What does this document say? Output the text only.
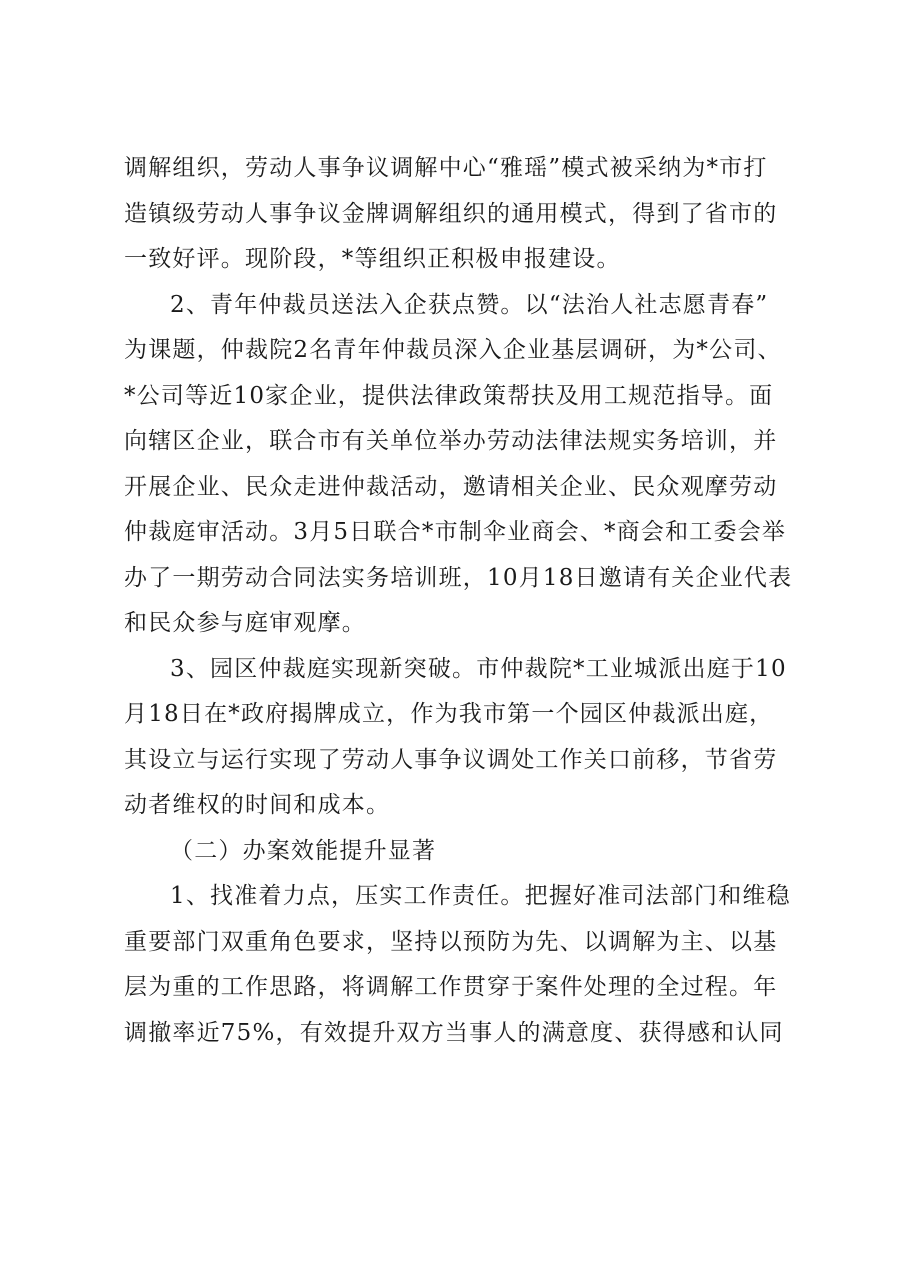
调解组织，劳动人事争议调解中心“雅瑶”模式被采纳为*市打
造镇级劳动人事争议金牌调解组织的通用模式，得到了省市的
一致好评。现阶段，*等组织正积极申报建设。

2、青年仲裁员送法入企获点赞。以“法治人社志愿青春”
为课题，仲裁院2名青年仲裁员深入企业基层调研，为*公司、
*公司等近10家企业，提供法律政策帮扶及用工规范指导。面
向辖区企业，联合市有关单位举办劳动法律法规实务培训，并
开展企业、民众走进仲裁活动，邀请相关企业、民众观摩劳动
仲裁庭审活动。3月5日联合*市制伞业商会、*商会和工委会举
办了一期劳动合同法实务培训班，10月18日邀请有关企业代表
和民众参与庭审观摩。

3、园区仲裁庭实现新突破。市仲裁院*工业城派出庭于10
月18日在*政府揭牌成立，作为我市第一个园区仲裁派出庭，
其设立与运行实现了劳动人事争议调处工作关口前移，节省劳
动者维权的时间和成本。

（二）办案效能提升显著

1、找准着力点，压实工作责任。把握好准司法部门和维稳
重要部门双重角色要求，坚持以预防为先、以调解为主、以基
层为重的工作思路，将调解工作贯穿于案件处理的全过程。年
调撤率近75%，有效提升双方当事人的满意度、获得感和认同
